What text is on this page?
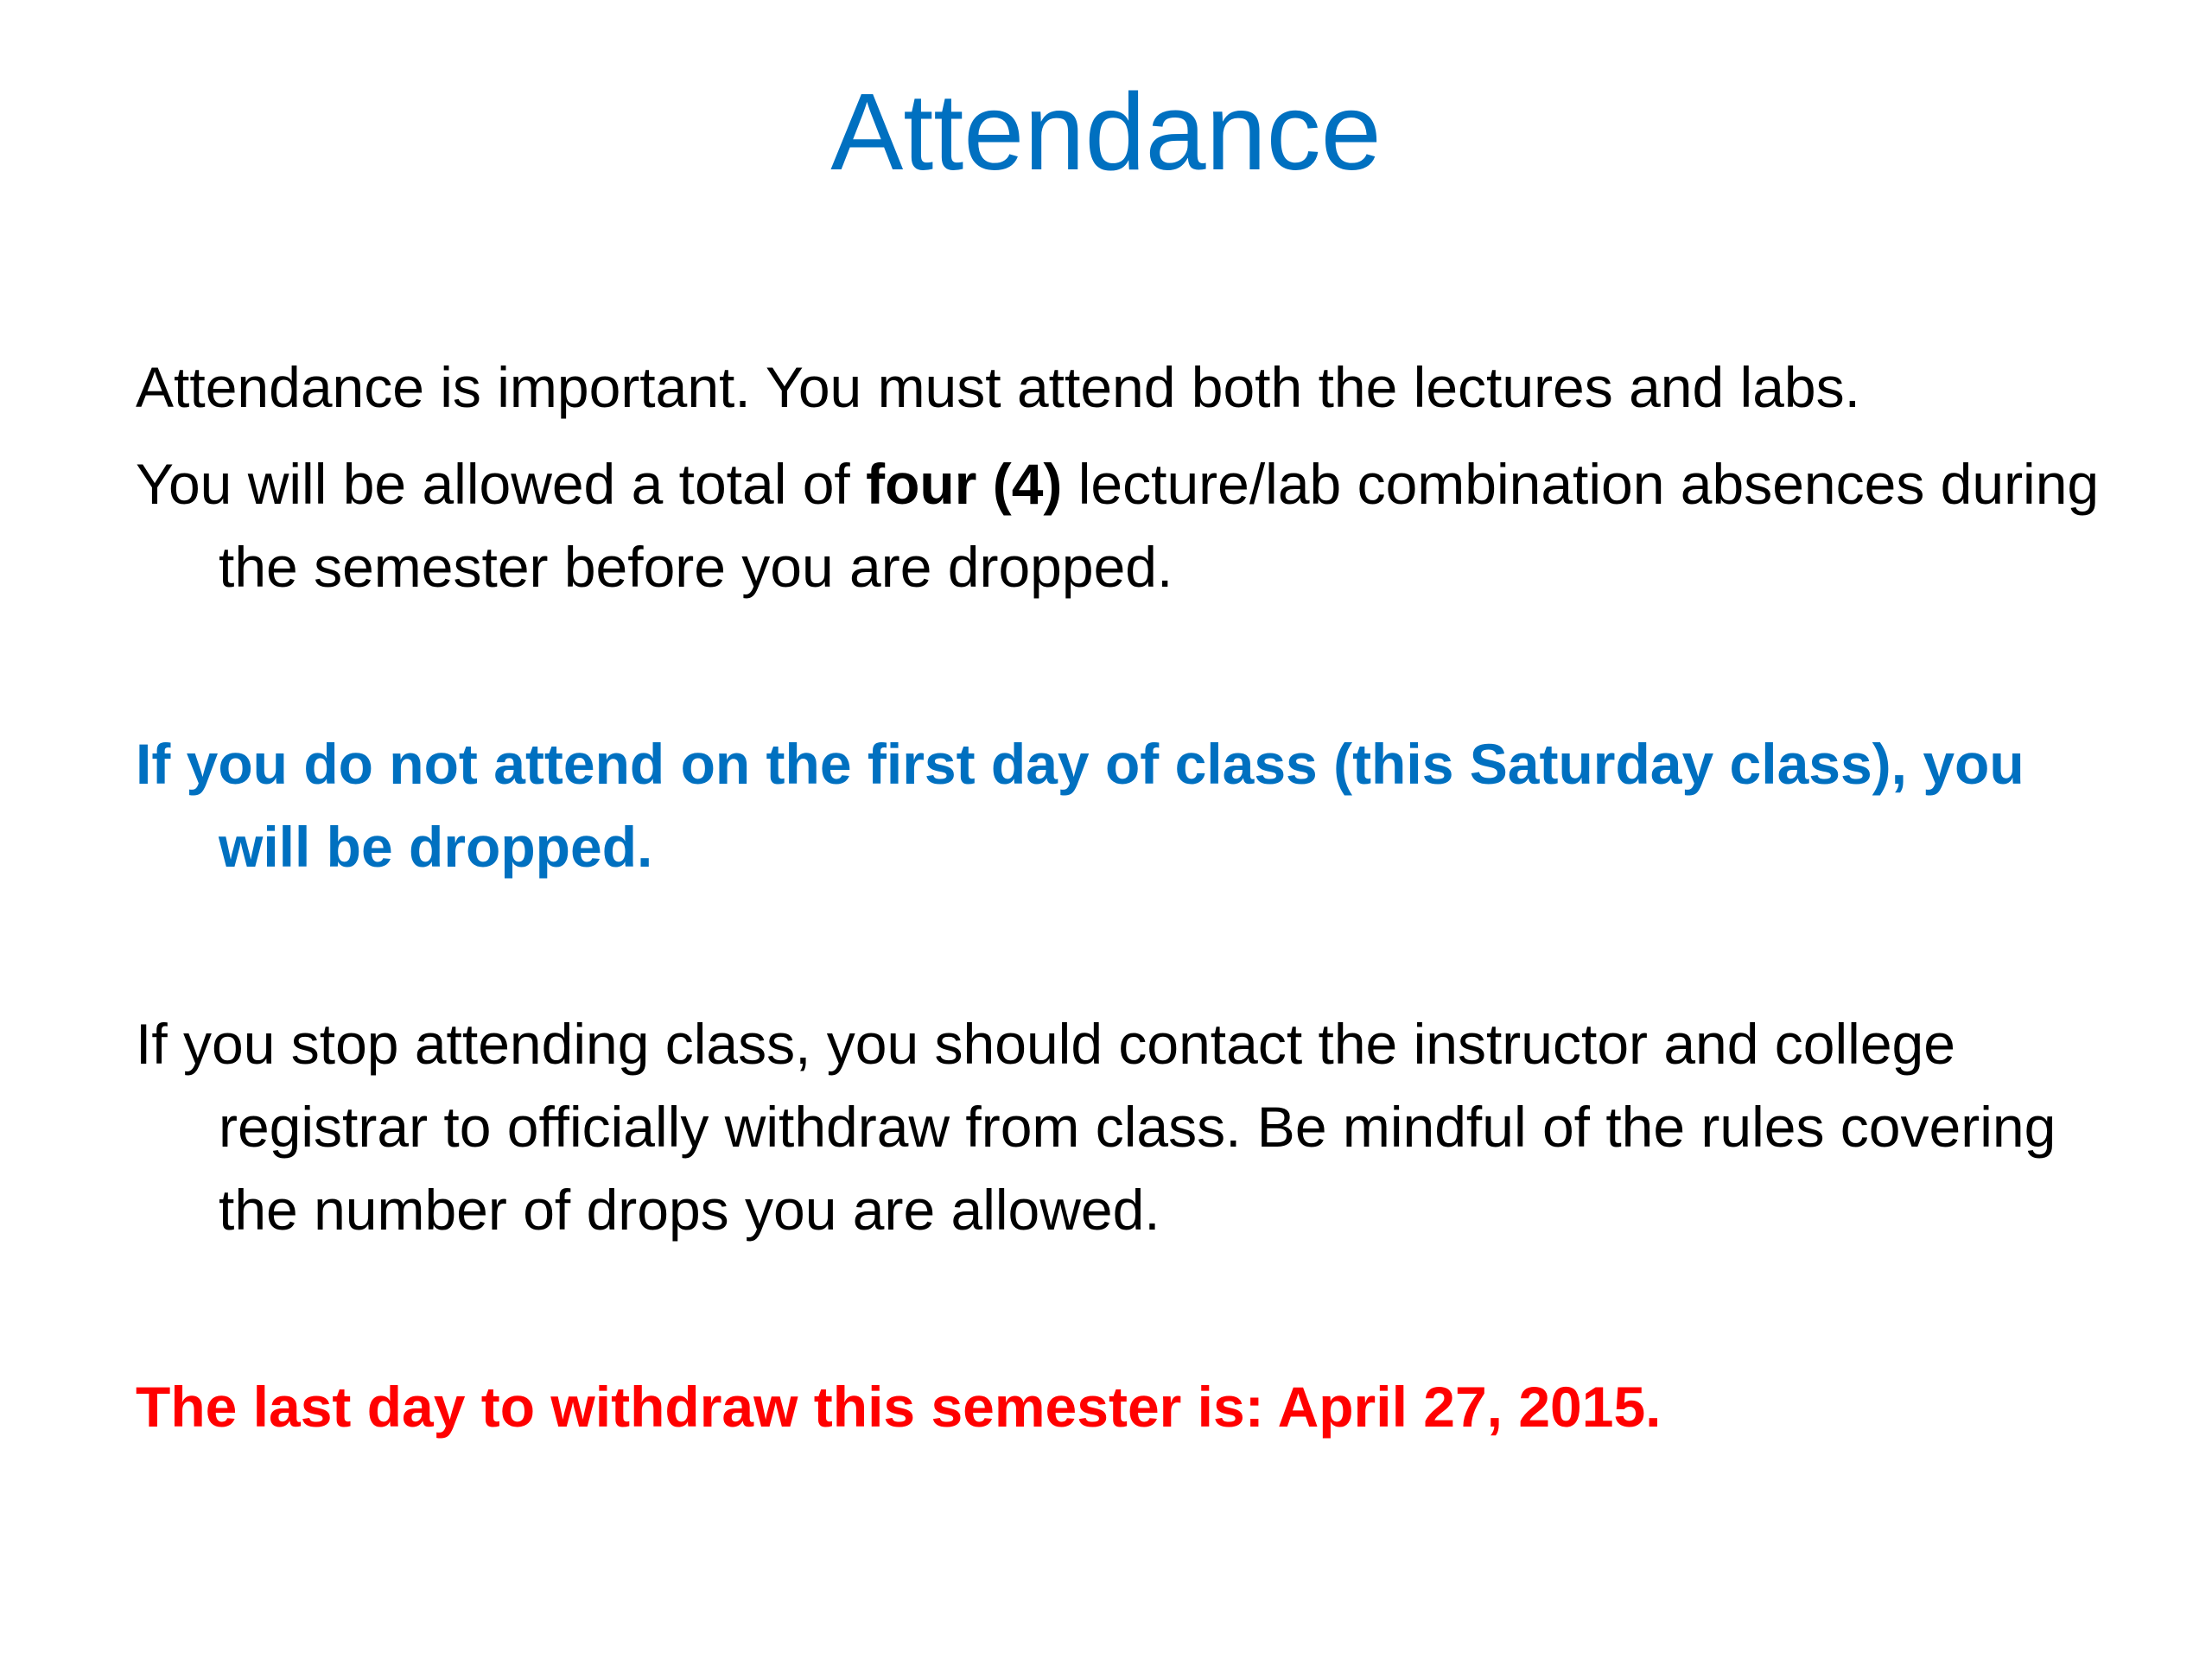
Attendance

Attendance is important. You must attend both the lectures and labs.

You will be allowed a total of four (4) lecture/lab combination absences during the semester before you are dropped.

If you do not attend on the first day of class (this Saturday class), you will be dropped.

If you stop attending class, you should contact the instructor and college registrar to officially withdraw from class. Be mindful of the rules covering the number of drops you are allowed.

The last day to withdraw this semester is: April 27, 2015.
